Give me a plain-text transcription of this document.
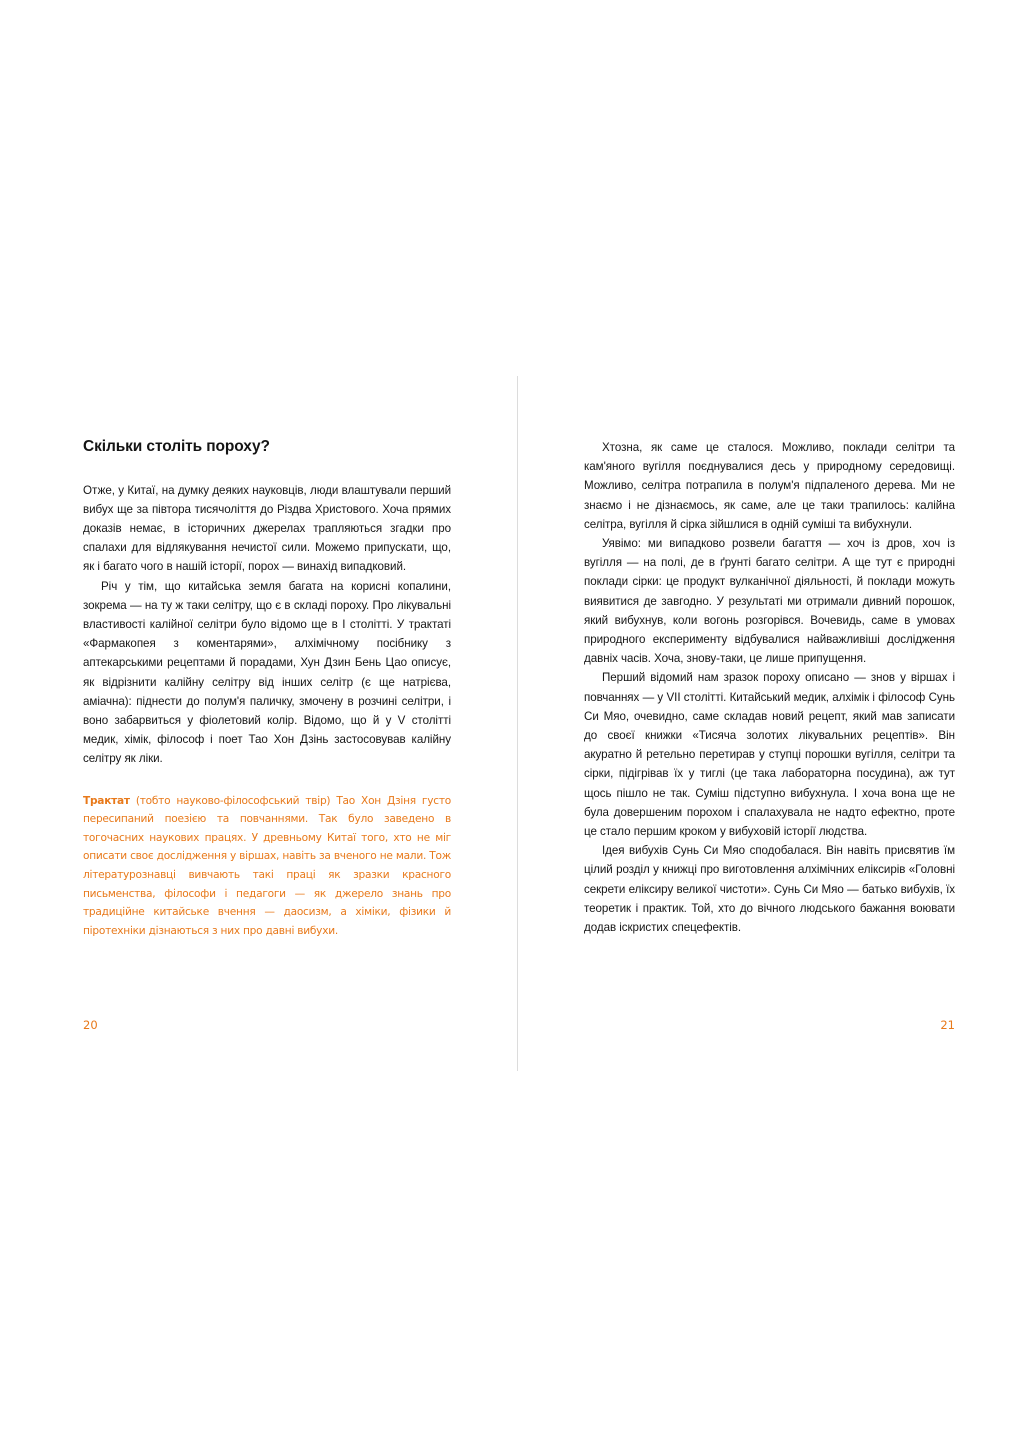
Скільки століть пороху?

Отже, у Китаї, на думку деяких науковців, люди влаштували перший вибух ще за півтора тисячоліття до Різдва Христового. Хоча прямих доказів немає, в історичних джерелах трапляються згадки про спалахи для відлякування нечистої сили. Можемо припускати, що, як і багато чого в нашій історії, порох — винахід випадковий.

Річ у тім, що китайська земля багата на корисні копалини, зокрема — на ту ж таки селітру, що є в складі пороху. Про лікувальні властивості калійної селітри було відомо ще в I столітті. У трактаті «Фармакопея з коментарями», алхімічному посібнику з аптекарськими рецептами й порадами, Хун Дзин Бень Цао описує, як відрізнити калійну селітру від інших селітр (є ще натрієва, аміачна): піднести до полум'я паличку, змочену в розчині селітри, і воно забарвиться у фіолетовий колір. Відомо, що й у V столітті медик, хімік, філософ і поет Тао Хон Дзінь застосовував калійну селітру як ліки.

Трактат (тобто науково-філософський твір) Тао Хон Дзіня густо пересипаний поезією та повчаннями. Так було заведено в тогочасних наукових працях. У древньому Китаї того, хто не міг описати своє дослідження у віршах, навіть за вченого не мали. Тож літературознавці вивчають такі праці як зразки красного письменства, філософи і педагоги — як джерело знань про традиційне китайське вчення — даосизм, а хіміки, фізики й піротехніки дізнаються з них про давні вибухи.
20

Хтозна, як саме це сталося. Можливо, поклади селітри та кам'яного вугілля поєднувалися десь у природному середовищі. Можливо, селітра потрапила в полум'я підпаленого дерева. Ми не знаємо і не дізнаємось, як саме, але це таки трапилось: калійна селітра, вугілля й сірка зійшлися в одній суміші та вибухнули.

Уявімо: ми випадково розвели багаття — хоч із дров, хоч із вугілля — на полі, де в ґрунті багато селітри. А ще тут є природні поклади сірки: це продукт вулканічної діяльності, й поклади можуть виявитися де завгодно. У результаті ми отримали дивний порошок, який вибухнув, коли вогонь розгорівся. Вочевидь, саме в умовах природного експерименту відбувалися найважливіші дослідження давніх часів. Хоча, знову-таки, це лише припущення.

Перший відомий нам зразок пороху описано — знов у віршах і повчаннях — у VII столітті. Китайський медик, алхімік і філософ Сунь Си Мяо, очевидно, саме складав новий рецепт, який мав записати до своєї книжки «Тисяча золотих лікувальних рецептів». Він акуратно й ретельно перетирав у ступці порошки вугілля, селітри та сірки, підігрівав їх у тиглі (це така лабораторна посудина), аж тут щось пішло не так. Суміш підступно вибухнула. І хоча вона ще не була довершеним порохом і спалахувала не надто ефектно, проте це стало першим кроком у вибуховій історії людства.

Ідея вибухів Сунь Си Мяо сподобалася. Він навіть присвятив їм цілий розділ у книжці про виготовлення алхімічних еліксирів «Головні секрети еліксиру великої чистоти». Сунь Си Мяо — батько вибухів, їх теоретик і практик. Той, хто до вічного людського бажання воювати додав іскристих спецефектів.

21
